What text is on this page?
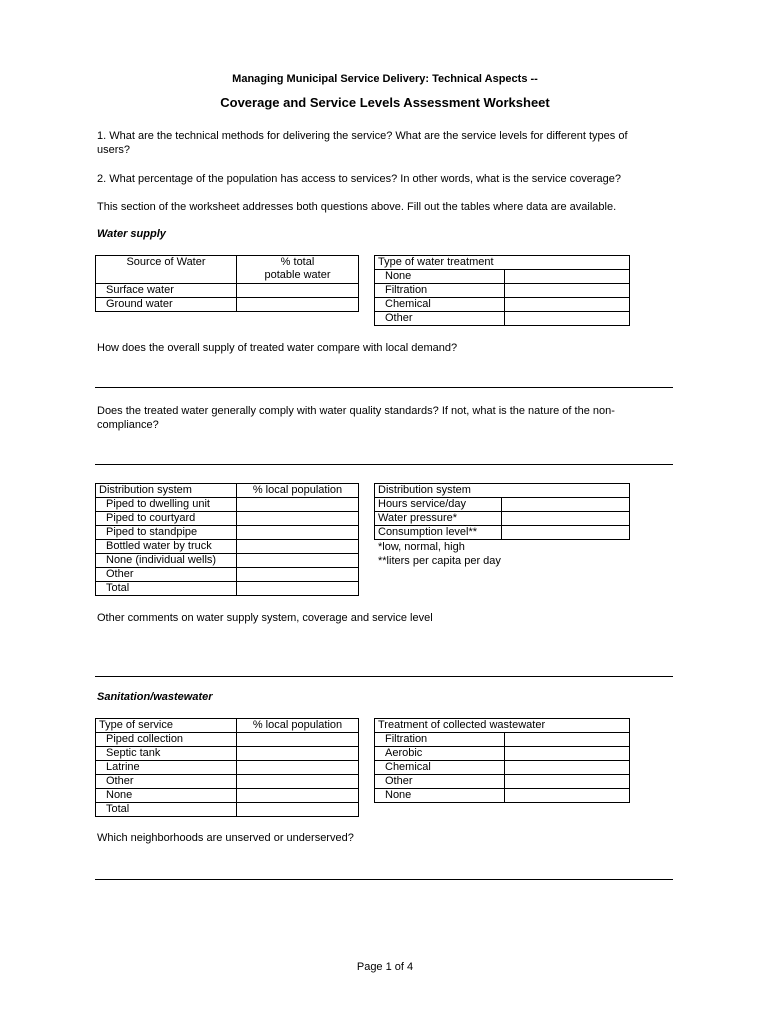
Managing Municipal Service Delivery: Technical Aspects --
Coverage and Service Levels Assessment Worksheet
1. What are the technical methods for delivering the service? What are the service levels for different types of users?
2. What percentage of the population has access to services? In other words, what is the service coverage?
This section of the worksheet addresses both questions above. Fill out the tables where data are available.
Water supply
Source of Water	% total
potable water

Surface water	
Ground water	
Type of water treatment	
None	
Filtration	
Chemical	
Other	
How does the overall supply of treated water compare with local demand?
Does the treated water generally comply with water quality standards? If not, what is the nature of the non-compliance?
Distribution system	% local population
Piped to dwelling unit	
Piped to courtyard	
Piped to standpipe	
Bottled water by truck	
None (individual wells)	
Other	
Total	
Distribution system	
Hours service/day	
Water pressure*	
Consumption level**	
*low, normal, high
**liters per capita per day
Other comments on water supply system, coverage and service level
Sanitation/wastewater
Type of service	% local population
Piped collection	
Septic tank	
Latrine	
Other	
None	
Total	
Treatment of collected wastewater	
Filtration	
Aerobic	
Chemical	
Other	
None	
Which neighborhoods are unserved or underserved?
Page 1 of 4
